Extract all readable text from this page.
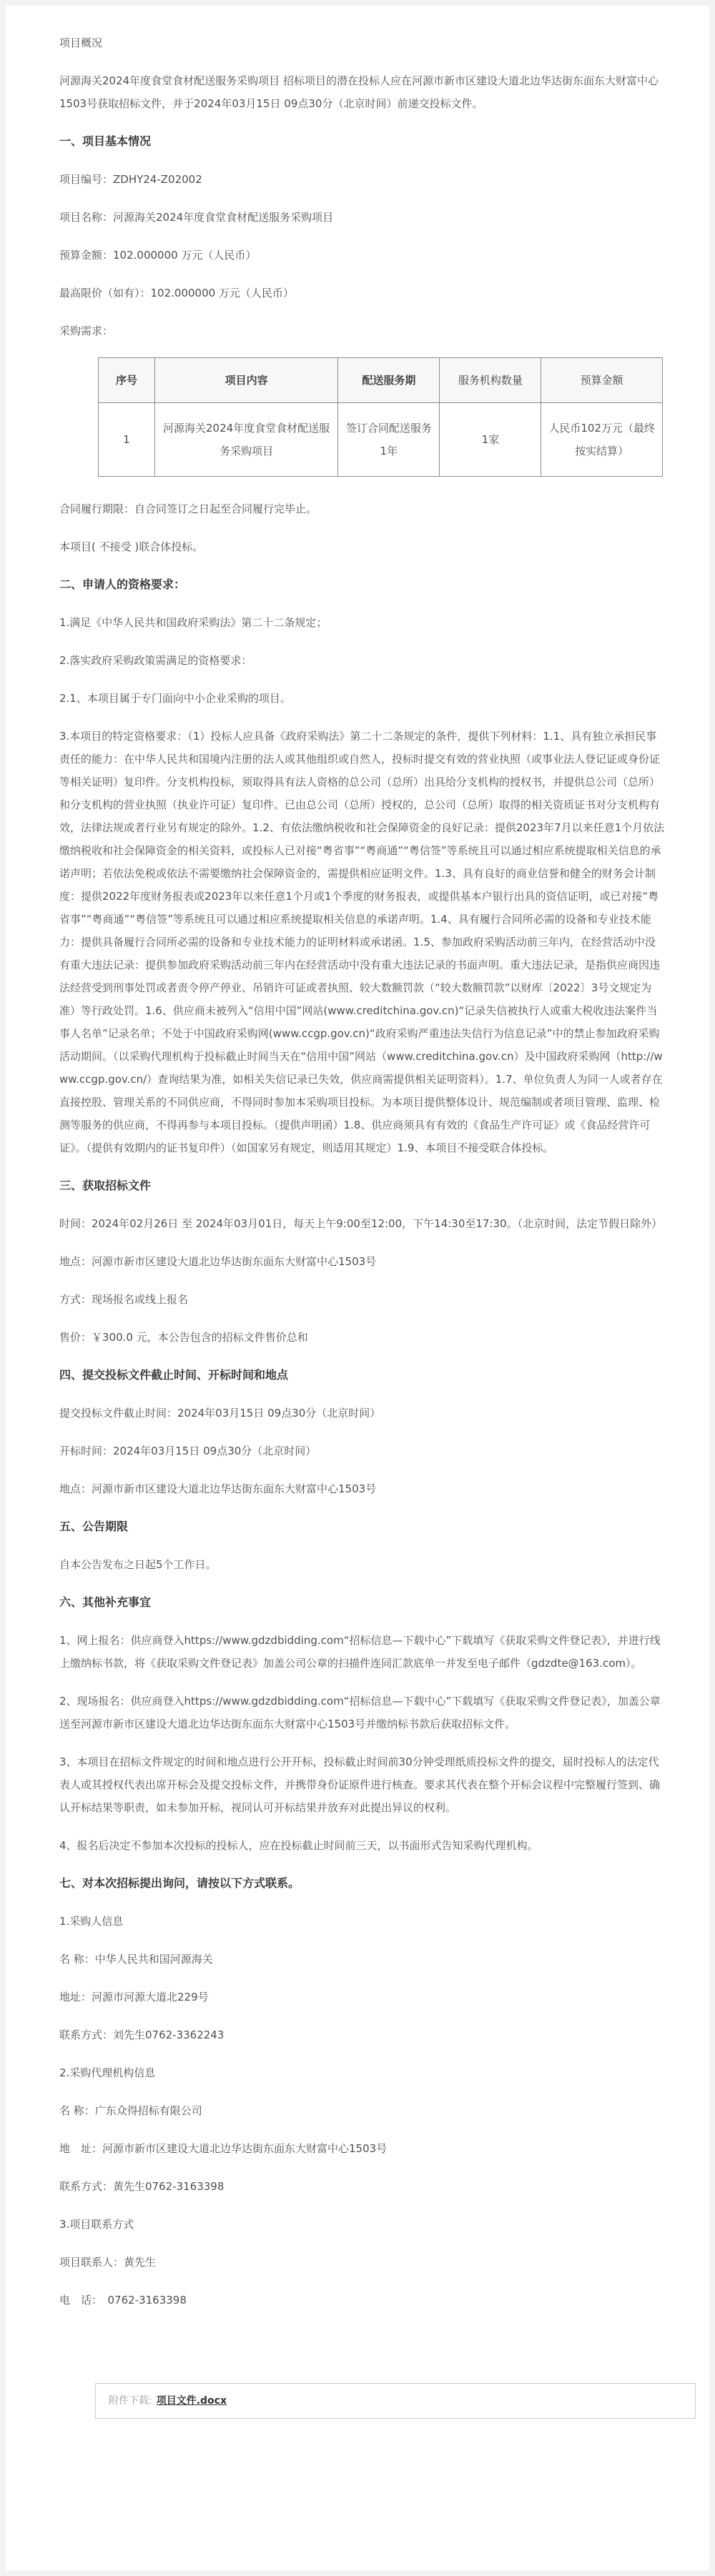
项目概况

河源海关2024年度食堂食材配送服务采购项目 招标项目的潜在投标人应在河源市新市区建设大道北边华达街东面东大财富中心1503号获取招标文件，并于2024年03月15日 09点30分（北京时间）前递交投标文件。

一、项目基本情况

项目编号：ZDHY24-Z02002

项目名称：河源海关2024年度食堂食材配送服务采购项目

预算金额：102.000000 万元（人民币）

最高限价（如有）：102.000000 万元（人民币）

采购需求：

序号	项目内容	配送服务期	服务机构数量	预算金额
1	河源海关2024年度食堂食材配送服务采购项目	签订合同配送服务1年	1家	人民币102万元（最终按实结算）

合同履行期限：自合同签订之日起至合同履行完毕止。

本项目( 不接受 )联合体投标。

二、申请人的资格要求：

1.满足《中华人民共和国政府采购法》第二十二条规定；

2.落实政府采购政策需满足的资格要求：

2.1、本项目属于专门面向中小企业采购的项目。

3.本项目的特定资格要求：（1）投标人应具备《政府采购法》第二十二条规定的条件，提供下列材料：1.1、具有独立承担民事责任的能力：在中华人民共和国境内注册的法人或其他组织或自然人，投标时提交有效的营业执照（或事业法人登记证或身份证等相关证明）复印件。分支机构投标，须取得具有法人资格的总公司（总所）出具给分支机构的授权书，并提供总公司（总所）和分支机构的营业执照（执业许可证）复印件。已由总公司（总所）授权的，总公司（总所）取得的相关资质证书对分支机构有效，法律法规或者行业另有规定的除外。1.2、有依法缴纳税收和社会保障资金的良好记录：提供2023年7月以来任意1个月依法缴纳税收和社会保障资金的相关资料，或投标人已对接“粤省事”“粤商通”“粤信签”等系统且可以通过相应系统提取相关信息的承诺声明；若依法免税或依法不需要缴纳社会保障资金的，需提供相应证明文件。1.3、具有良好的商业信誉和健全的财务会计制度：提供2022年度财务报表或2023年以来任意1个月或1个季度的财务报表，或提供基本户银行出具的资信证明，或已对接“粤省事”“粤商通”“粤信签”等系统且可以通过相应系统提取相关信息的承诺声明。1.4、具有履行合同所必需的设备和专业技术能力：提供具备履行合同所必需的设备和专业技术能力的证明材料或承诺函。1.5、参加政府采购活动前三年内，在经营活动中没有重大违法记录：提供参加政府采购活动前三年内在经营活动中没有重大违法记录的书面声明。重大违法记录，是指供应商因违法经营受到刑事处罚或者责令停产停业、吊销许可证或者执照、较大数额罚款（“较大数额罚款”以财库〔2022〕3号文规定为准）等行政处罚。1.6、供应商未被列入“信用中国”网站(www.creditchina.gov.cn)“记录失信被执行人或重大税收违法案件当事人名单”记录名单；不处于中国政府采购网(www.ccgp.gov.cn)“政府采购严重违法失信行为信息记录”中的禁止参加政府采购活动期间。（以采购代理机构于投标截止时间当天在“信用中国”网站（www.creditchina.gov.cn）及中国政府采购网（http://www.ccgp.gov.cn/）查询结果为准，如相关失信记录已失效，供应商需提供相关证明资料）。1.7、单位负责人为同一人或者存在直接控股、管理关系的不同供应商，不得同时参加本采购项目投标。为本项目提供整体设计、规范编制或者项目管理、监理、检测等服务的供应商，不得再参与本项目投标。（提供声明函）1.8、供应商须具有有效的《食品生产许可证》或《食品经营许可证》。（提供有效期内的证书复印件）（如国家另有规定，则适用其规定）1.9、本项目不接受联合体投标。

三、获取招标文件

时间：2024年02月26日 至 2024年03月01日，每天上午9:00至12:00，下午14:30至17:30。（北京时间，法定节假日除外）

地点：河源市新市区建设大道北边华达街东面东大财富中心1503号

方式：现场报名或线上报名

售价：￥300.0 元，本公告包含的招标文件售价总和

四、提交投标文件截止时间、开标时间和地点

提交投标文件截止时间：2024年03月15日 09点30分（北京时间）

开标时间：2024年03月15日 09点30分（北京时间）

地点：河源市新市区建设大道北边华达街东面东大财富中心1503号

五、公告期限

自本公告发布之日起5个工作日。

六、其他补充事宜

1、网上报名：供应商登入https://www.gdzdbidding.com“招标信息—下载中心”下载填写《获取采购文件登记表》，并进行线上缴纳标书款，将《获取采购文件登记表》加盖公司公章的扫描件连同汇款底单一并发至电子邮件（gdzdte@163.com）。

2、现场报名：供应商登入https://www.gdzdbidding.com“招标信息—下载中心”下载填写《获取采购文件登记表》，加盖公章送至河源市新市区建设大道北边华达街东面东大财富中心1503号并缴纳标书款后获取招标文件。

3、本项目在招标文件规定的时间和地点进行公开开标，投标截止时间前30分钟受理纸质投标文件的提交，届时投标人的法定代表人或其授权代表出席开标会及提交投标文件，并携带身份证原件进行核查。要求其代表在整个开标会议程中完整履行签到、确认开标结果等职责，如未参加开标，视同认可开标结果并放弃对此提出异议的权利。

4、报名后决定不参加本次投标的投标人，应在投标截止时间前三天，以书面形式告知采购代理机构。

七、对本次招标提出询问，请按以下方式联系。

1.采购人信息

名 称：中华人民共和国河源海关

地址：河源市河源大道北229号

联系方式：刘先生0762-3362243

2.采购代理机构信息

名 称：广东众得招标有限公司

地　址：河源市新市区建设大道北边华达街东面东大财富中心1503号

联系方式：黄先生0762-3163398

3.项目联系方式

项目联系人：黄先生

电　话：　0762-3163398

附件下载: 项目文件.docx
